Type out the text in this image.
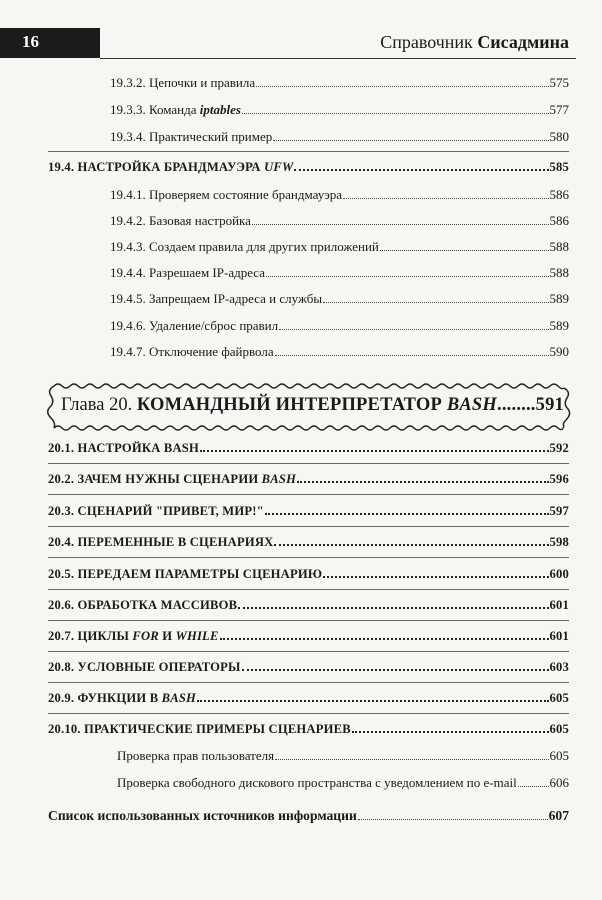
16	Справочник Сисадмина
19.3.2. Цепочки и правила	575
19.3.3. Команда iptables	577
19.3.4. Практический пример	580
19.4. НАСТРОЙКА БРАНДМАУЭРА UFW	585
19.4.1. Проверяем состояние брандмауэра	586
19.4.2. Базовая настройка	586
19.4.3. Создаем правила для других приложений	588
19.4.4. Разрешаем IP-адреса	588
19.4.5. Запрещаем IP-адреса и службы	589
19.4.6. Удаление/сброс правил	589
19.4.7. Отключение файрвола	590
Глава 20. КОМАНДНЫЙ ИНТЕРПРЕТАТОР BASH........591
20.1. НАСТРОЙКА BASH	592
20.2. ЗАЧЕМ НУЖНЫ СЦЕНАРИИ BASH	596
20.3. СЦЕНАРИЙ "ПРИВЕТ, МИР!"	597
20.4. ПЕРЕМЕННЫЕ В СЦЕНАРИЯХ	598
20.5. ПЕРЕДАЕМ ПАРАМЕТРЫ СЦЕНАРИЮ	600
20.6. ОБРАБОТКА МАССИВОВ	601
20.7. ЦИКЛЫ FOR И WHILE	601
20.8. УСЛОВНЫЕ ОПЕРАТОРЫ	603
20.9. ФУНКЦИИ В BASH	605
20.10. ПРАКТИЧЕСКИЕ ПРИМЕРЫ СЦЕНАРИЕВ	605
Проверка прав пользователя	605
Проверка свободного дискового пространства с уведомлением по e-mail	606
Список использованных источников информации	607
